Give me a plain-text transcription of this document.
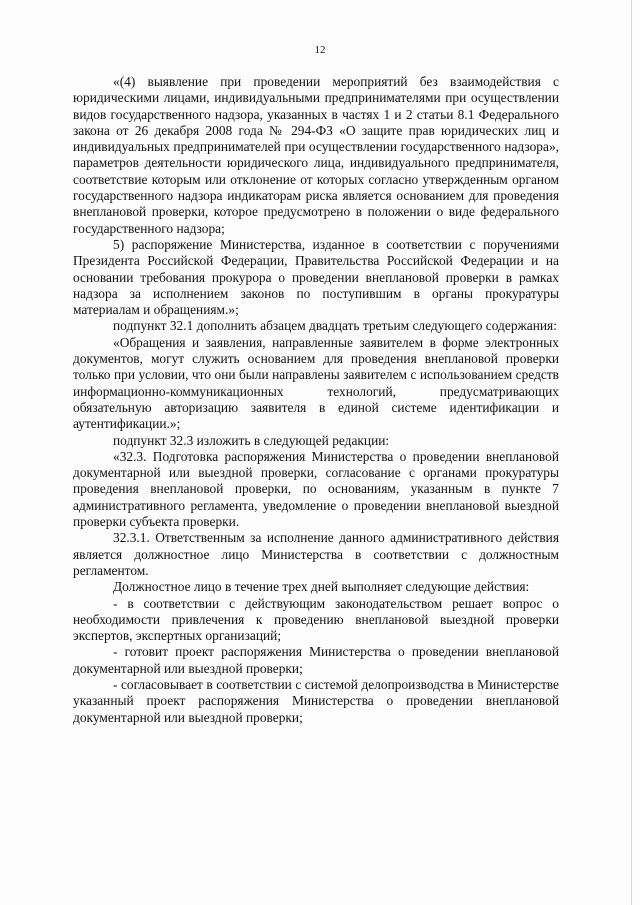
12

«(4) выявление при проведении мероприятий без взаимодействия с юридическими лицами, индивидуальными предпринимателями при осуществлении видов государственного надзора, указанных в частях 1 и 2 статьи 8.1 Федерального закона от 26 декабря 2008 года № 294-ФЗ «О защите прав юридических лиц и индивидуальных предпринимателей при осуществлении государственного надзора», параметров деятельности юридического лица, индивидуального предпринимателя, соответствие которым или отклонение от которых согласно утвержденным органом государственного надзора индикаторам риска является основанием для проведения внеплановой проверки, которое предусмотрено в положении о виде федерального государственного надзора;

5) распоряжение Министерства, изданное в соответствии с поручениями Президента Российской Федерации, Правительства Российской Федерации и на основании требования прокурора о проведении внеплановой проверки в рамках надзора за исполнением законов по поступившим в органы прокуратуры материалам и обращениям.»;

подпункт 32.1 дополнить абзацем двадцать третьим следующего содержания:

«Обращения и заявления, направленные заявителем в форме электронных документов, могут служить основанием для проведения внеплановой проверки только при условии, что они были направлены заявителем с использованием средств информационно-коммуникационных технологий, предусматривающих обязательную авторизацию заявителя в единой системе идентификации и аутентификации.»;

подпункт 32.3 изложить в следующей редакции:

«32.3. Подготовка распоряжения Министерства о проведении внеплановой документарной или выездной проверки, согласование с органами прокуратуры проведения внеплановой проверки, по основаниям, указанным в пункте 7 административного регламента, уведомление о проведении внеплановой выездной проверки субъекта проверки.

32.3.1. Ответственным за исполнение данного административного действия является должностное лицо Министерства в соответствии с должностным регламентом.

Должностное лицо в течение трех дней выполняет следующие действия:

- в соответствии с действующим законодательством решает вопрос о необходимости привлечения к проведению внеплановой выездной проверки экспертов, экспертных организаций;

- готовит проект распоряжения Министерства о проведении внеплановой документарной или выездной проверки;

- согласовывает в соответствии с системой делопроизводства в Министерстве указанный проект распоряжения Министерства о проведении внеплановой документарной или выездной проверки;
